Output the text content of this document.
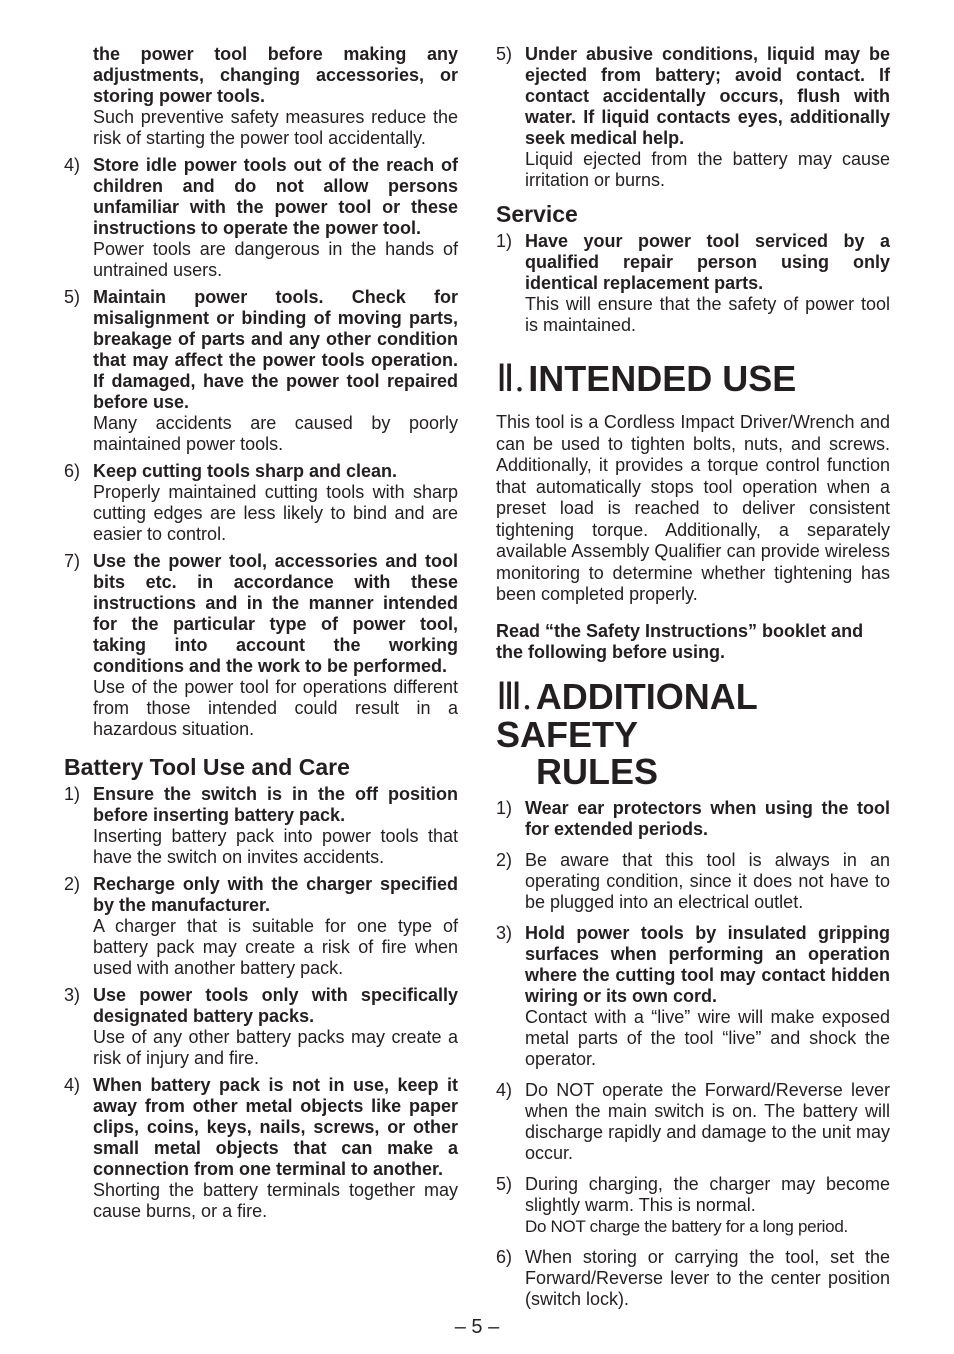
the power tool before making any adjustments, changing accessories, or storing power tools.
Such preventive safety measures reduce the risk of starting the power tool accidentally.
4) Store idle power tools out of the reach of children and do not allow persons unfamiliar with the power tool or these instructions to operate the power tool.
Power tools are dangerous in the hands of untrained users.
5) Maintain power tools. Check for misalignment or binding of moving parts, breakage of parts and any other condition that may affect the power tools operation. If damaged, have the power tool repaired before use.
Many accidents are caused by poorly maintained power tools.
6) Keep cutting tools sharp and clean.
Properly maintained cutting tools with sharp cutting edges are less likely to bind and are easier to control.
7) Use the power tool, accessories and tool bits etc. in accordance with these instructions and in the manner intended for the particular type of power tool, taking into account the working conditions and the work to be performed.
Use of the power tool for operations different from those intended could result in a hazardous situation.
Battery Tool Use and Care
1) Ensure the switch is in the off position before inserting battery pack.
Inserting battery pack into power tools that have the switch on invites accidents.
2) Recharge only with the charger specified by the manufacturer.
A charger that is suitable for one type of battery pack may create a risk of fire when used with another battery pack.
3) Use power tools only with specifically designated battery packs.
Use of any other battery packs may create a risk of injury and fire.
4) When battery pack is not in use, keep it away from other metal objects like paper clips, coins, keys, nails, screws, or other small metal objects that can make a connection from one terminal to another.
Shorting the battery terminals together may cause burns, or a fire.
5) Under abusive conditions, liquid may be ejected from battery; avoid contact. If contact accidentally occurs, flush with water. If liquid contacts eyes, additionally seek medical help.
Liquid ejected from the battery may cause irritation or burns.
Service
1) Have your power tool serviced by a qualified repair person using only identical replacement parts.
This will ensure that the safety of power tool is maintained.
Ⅱ. INTENDED USE
This tool is a Cordless Impact Driver/Wrench and can be used to tighten bolts, nuts, and screws. Additionally, it provides a torque control function that automatically stops tool operation when a preset load is reached to deliver consistent tightening torque. Additionally, a separately available Assembly Qualifier can provide wireless monitoring to determine whether tightening has been completed properly.
Read “the Safety Instructions” booklet and the following before using.
Ⅲ. ADDITIONAL SAFETY
RULES
1) Wear ear protectors when using the tool for extended periods.
2) Be aware that this tool is always in an operating condition, since it does not have to be plugged into an electrical outlet.
3) Hold power tools by insulated gripping surfaces when performing an operation where the cutting tool may contact hidden wiring or its own cord.
Contact with a “live” wire will make exposed metal parts of the tool “live” and shock the operator.
4) Do NOT operate the Forward/Reverse lever when the main switch is on. The battery will discharge rapidly and damage to the unit may occur.
5) During charging, the charger may become slightly warm. This is normal.
Do NOT charge the battery for a long period.
6) When storing or carrying the tool, set the Forward/Reverse lever to the center position (switch lock).
– 5 –
